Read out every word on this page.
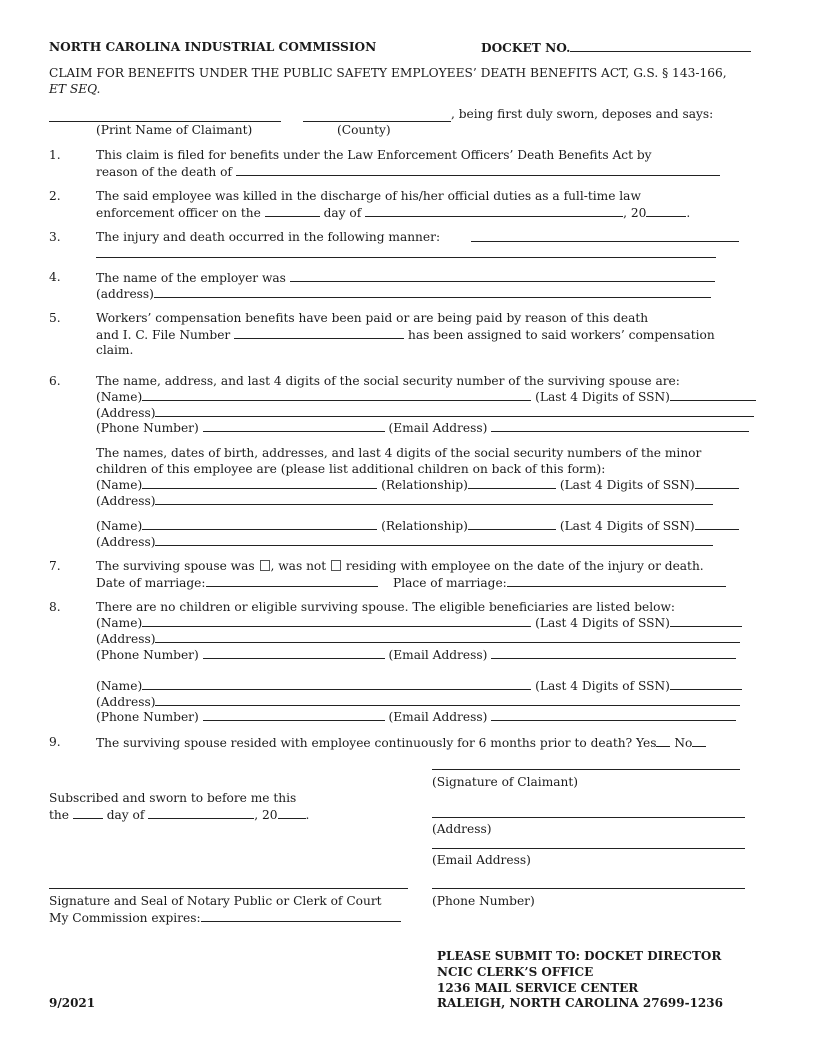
NORTH CAROLINA INDUSTRIAL COMMISSION	DOCKET NO.
CLAIM FOR BENEFITS UNDER THE PUBLIC SAFETY EMPLOYEES’ DEATH BENEFITS ACT, G.S. § 143-166,
ET SEQ.
, being first duly sworn, deposes and says:
(Print Name of Claimant)	(County)
1.	This claim is filed for benefits under the Law Enforcement Officers’ Death Benefits Act by
reason of the death of
2.	The said employee was killed in the discharge of his/her official duties as a full-time law
enforcement officer on the	day of	, 20	.
3.	The injury and death occurred in the following manner:
4.	The name of the employer was
(address)
5.	Workers’ compensation benefits have been paid or are being paid by reason of this death
and I. C. File Number	has been assigned to said workers’ compensation
claim.
6.	The name, address, and last 4 digits of the social security number of the surviving spouse are:
(Name)	(Last 4 Digits of SSN)
(Address)
(Phone Number)	(Email Address)
The names, dates of birth, addresses, and last 4 digits of the social security numbers of the minor
children of this employee are (please list additional children on back of this form):
(Name)	(Relationship)	(Last 4 Digits of SSN)
(Address)
(Name)	(Relationship)	(Last 4 Digits of SSN)
(Address)
7.	The surviving spouse was , was not residing with employee on the date of the injury or death.
Date of marriage:	Place of marriage:
8.	There are no children or eligible surviving spouse. The eligible beneficiaries are listed below:
(Name)	(Last 4 Digits of SSN)
(Address)
(Phone Number)	(Email Address)
(Name)	(Last 4 Digits of SSN)
(Address)
(Phone Number)	(Email Address)
9.	The surviving spouse resided with employee continuously for 6 months prior to death? Yes No
(Signature of Claimant)
(Address)
(Email Address)
(Phone Number)
Subscribed and sworn to before me this
the	day of	, 20 .
Signature and Seal of Notary Public or Clerk of Court
My Commission expires:
PLEASE SUBMIT TO: DOCKET DIRECTOR
NCIC CLERK’S OFFICE
1236 MAIL SERVICE CENTER
RALEIGH, NORTH CAROLINA 27699-1236
9/2021
